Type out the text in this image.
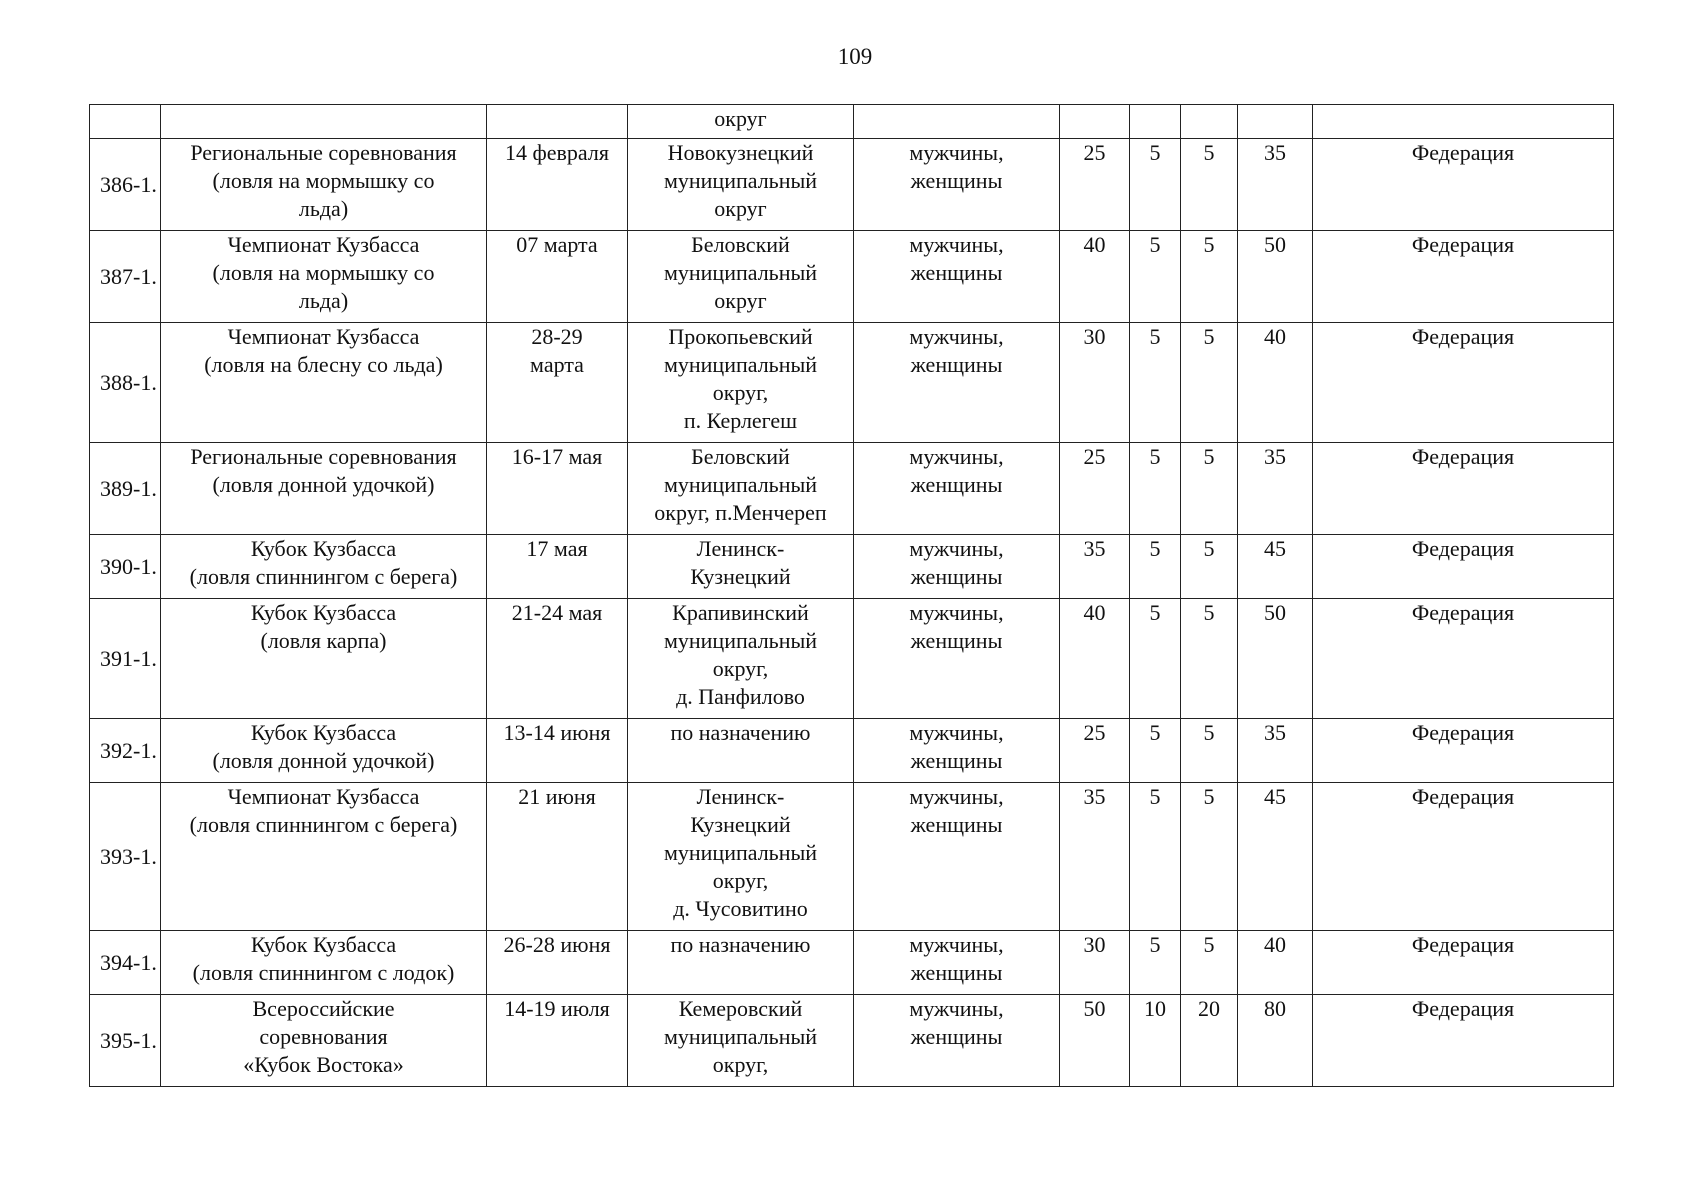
109
			округ						
386-1.	Региональные соревнования
(ловля на мормышку со
льда)	14 февраля	Новокузнецкий
муниципальный
округ	мужчины,
женщины	25	5	5	35	Федерация
387-1.	Чемпионат Кузбасса
(ловля на мормышку со
льда)	07 марта	Беловский
муниципальный
округ	мужчины,
женщины	40	5	5	50	Федерация
388-1.	Чемпионат Кузбасса
(ловля на блесну со льда)	28-29
марта	Прокопьевский
муниципальный
округ,
п. Керлегеш	мужчины,
женщины	30	5	5	40	Федерация
389-1.	Региональные соревнования
(ловля донной удочкой)	16-17 мая	Беловский
муниципальный
округ, п.Менчереп	мужчины,
женщины	25	5	5	35	Федерация
390-1.	Кубок Кузбасса
(ловля спиннингом с берега)	17 мая	Ленинск-
Кузнецкий	мужчины,
женщины	35	5	5	45	Федерация
391-1.	Кубок Кузбасса
(ловля карпа)	21-24 мая	Крапивинский
муниципальный
округ,
д. Панфилово	мужчины,
женщины	40	5	5	50	Федерация
392-1.	Кубок Кузбасса
(ловля донной удочкой)	13-14 июня	по назначению	мужчины,
женщины	25	5	5	35	Федерация
393-1.	Чемпионат Кузбасса
(ловля спиннингом с берега)	21 июня	Ленинск-
Кузнецкий
муниципальный
округ,
д. Чусовитино	мужчины,
женщины	35	5	5	45	Федерация
394-1.	Кубок Кузбасса
(ловля спиннингом с лодок)	26-28 июня	по назначению	мужчины,
женщины	30	5	5	40	Федерация
395-1.	Всероссийские
соревнования
«Кубок Востока»	14-19 июля	Кемеровский
муниципальный
округ,	мужчины,
женщины	50	10	20	80	Федерация
